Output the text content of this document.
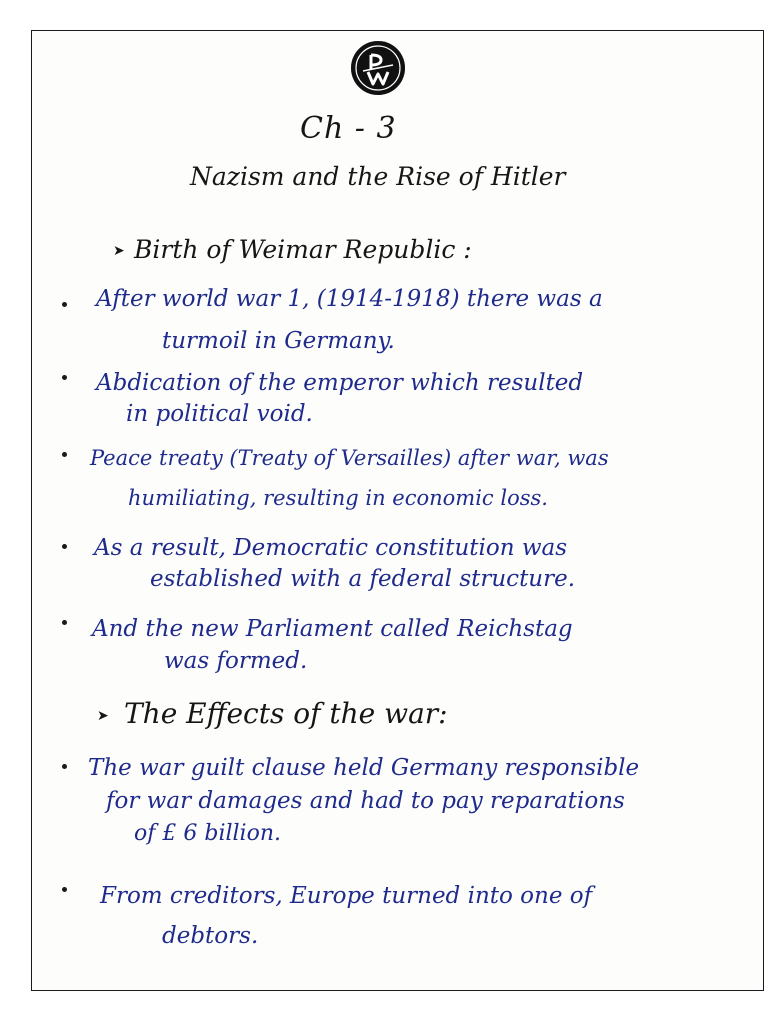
Ch - 3
Nazism and the Rise of Hitler
➤ Birth of Weimar Republic :
After world war 1, (1914-1918) there was a
turmoil in Germany.
Abdication of the emperor which resulted
in political void.
Peace treaty (Treaty of Versailles) after war, was
humiliating, resulting in economic loss.
As a result, Democratic constitution was
established with a federal structure.
And the new Parliament called Reichstag
was formed.
➤ The Effects of the war:
The war guilt clause held Germany responsible
for war damages and had to pay reparations
of £ 6 billion.
From creditors, Europe turned into one of
debtors.
